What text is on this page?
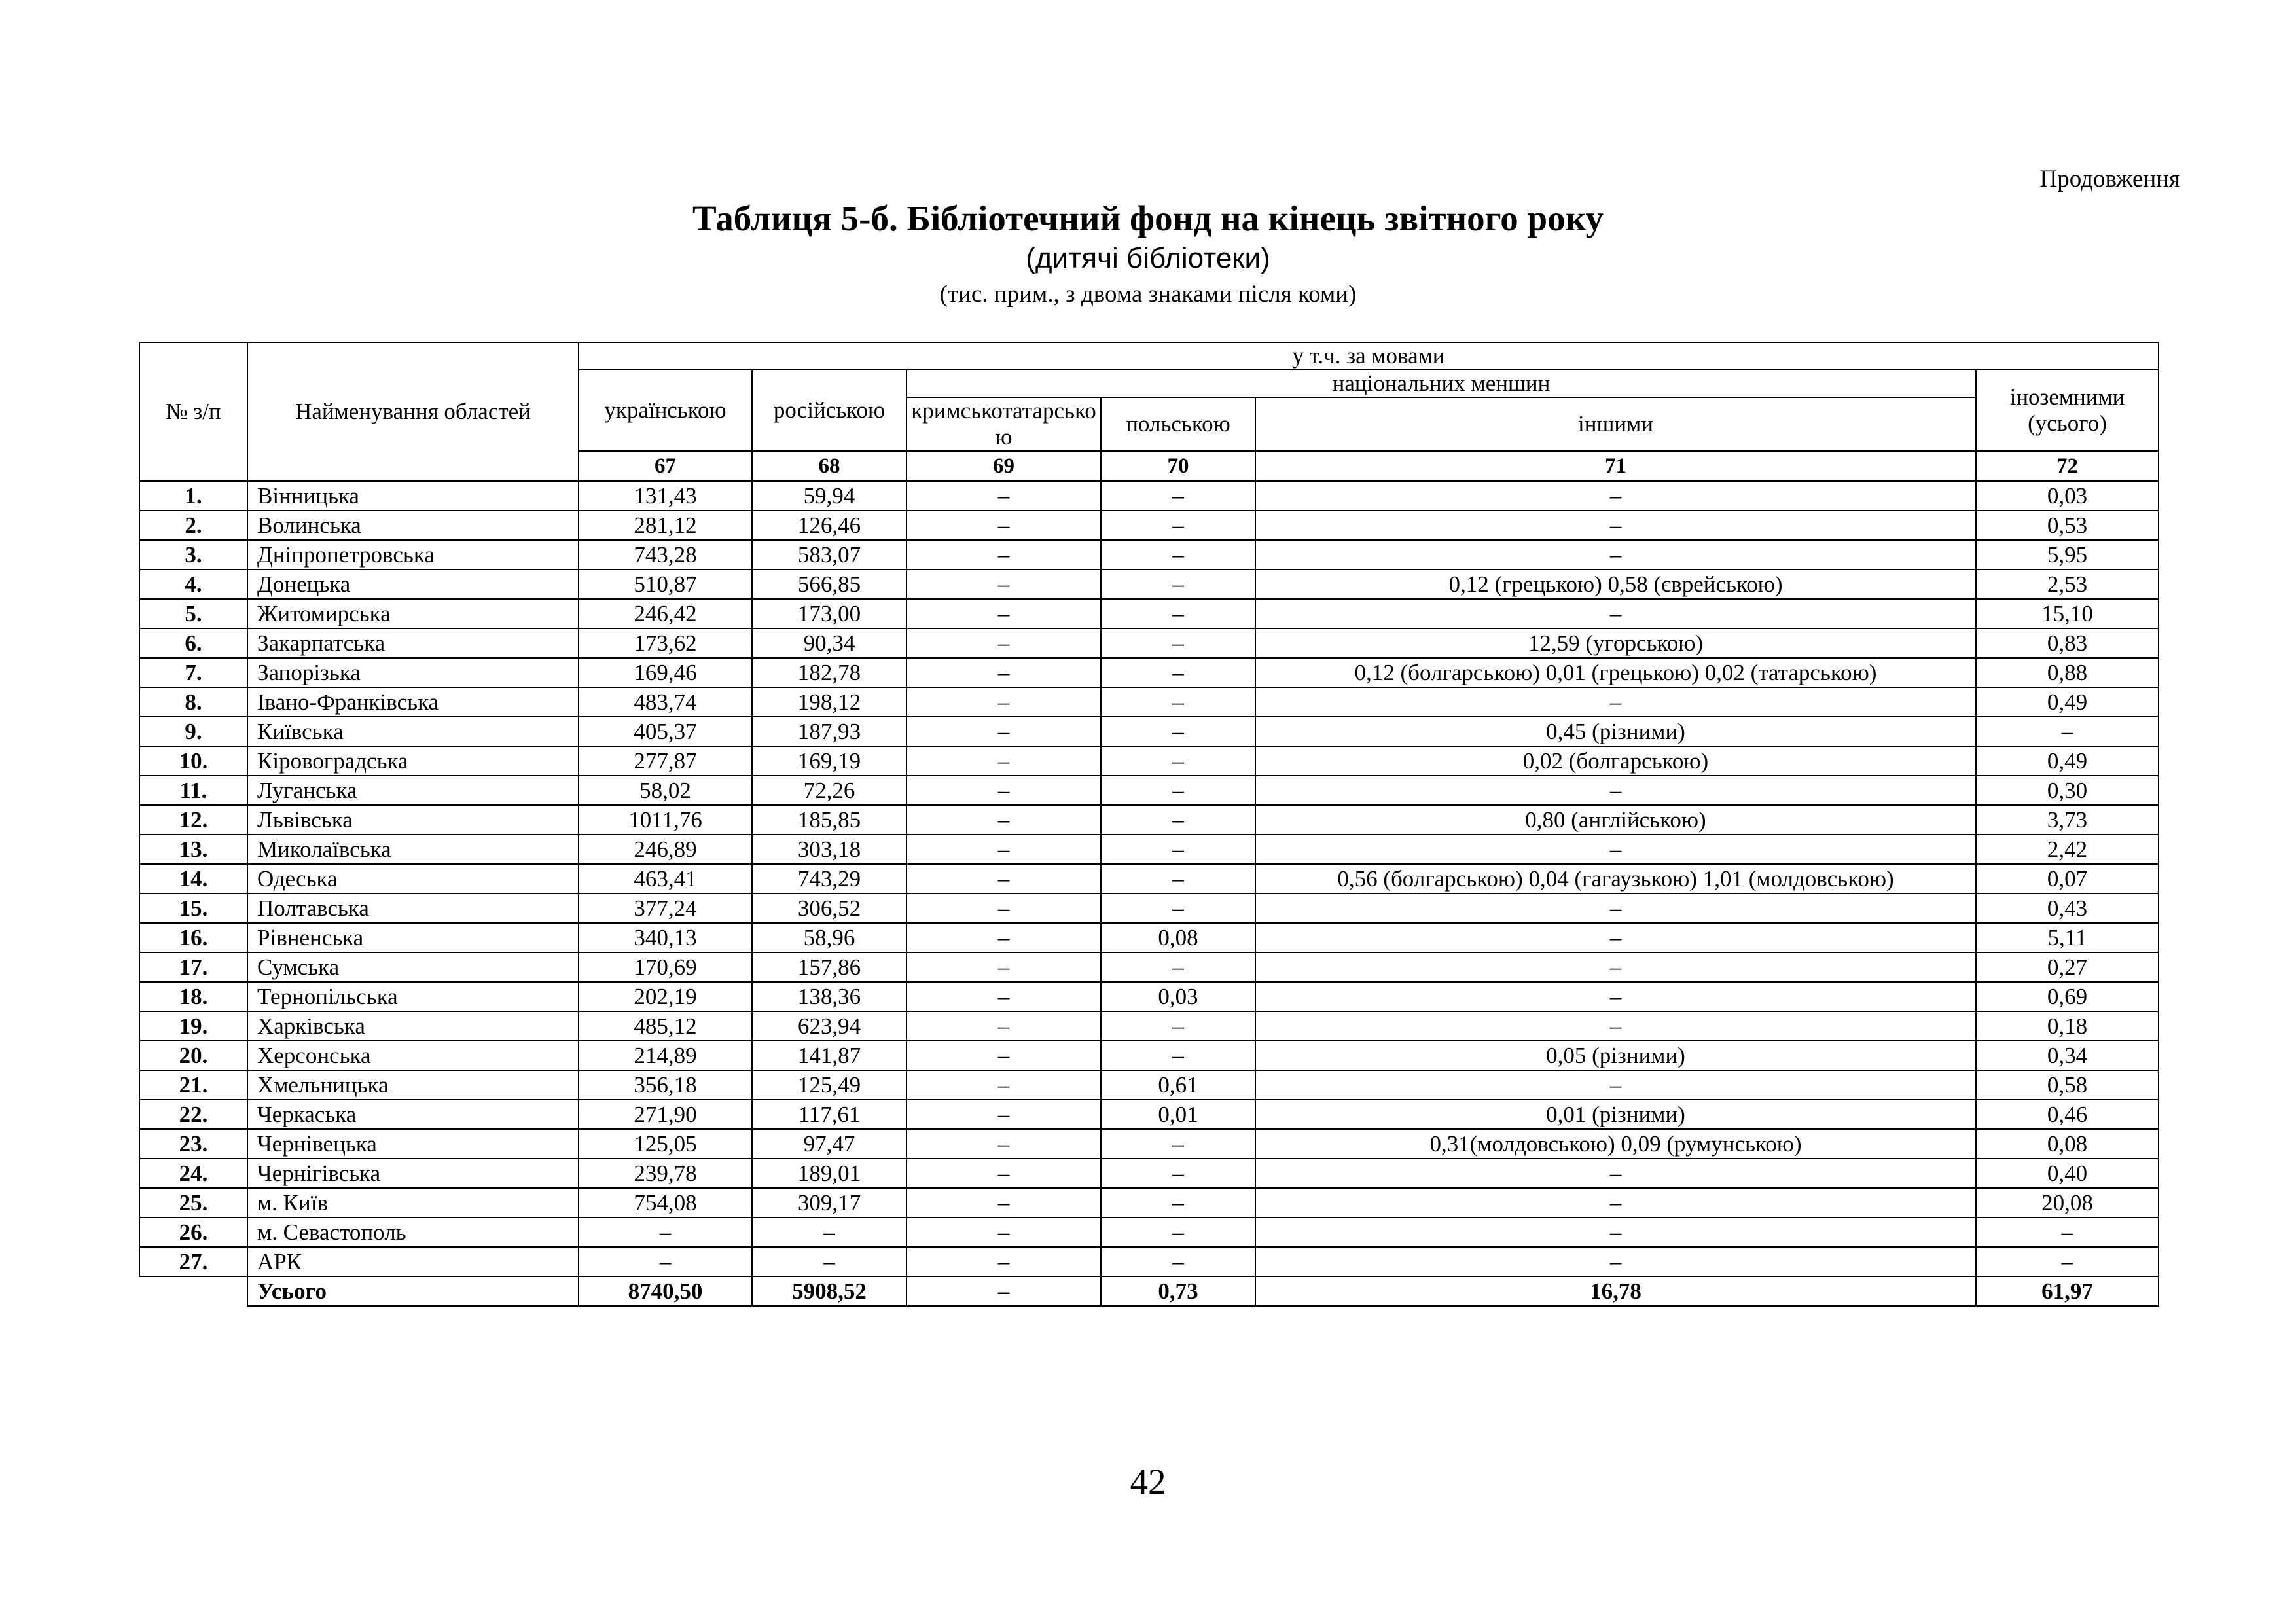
Продовження
Таблиця 5-б. Бібліотечний фонд на кінець звітного року
(дитячі бібліотеки)
(тис. прим., з двома знаками після коми)
№ з/п	Найменування областей	у т.ч. за мовами					
		українською	російською	національних меншин			іноземними (усього)
				кримськотатарською	польською	іншими	
		67	68	69	70	71	72
1.	Вінницька	131,43	59,94	–	–	–	0,03
2.	Волинська	281,12	126,46	–	–	–	0,53
3.	Дніпропетровська	743,28	583,07	–	–	–	5,95
4.	Донецька	510,87	566,85	–	–	0,12 (грецькою) 0,58 (єврейською)	2,53
5.	Житомирська	246,42	173,00	–	–	–	15,10
6.	Закарпатська	173,62	90,34	–	–	12,59 (угорською)	0,83
7.	Запорізька	169,46	182,78	–	–	0,12 (болгарською) 0,01 (грецькою) 0,02 (татарською)	0,88
8.	Івано-Франківська	483,74	198,12	–	–	–	0,49
9.	Київська	405,37	187,93	–	–	0,45 (різними)	–
10.	Кіровоградська	277,87	169,19	–	–	0,02 (болгарською)	0,49
11.	Луганська	58,02	72,26	–	–	–	0,30
12.	Львівська	1011,76	185,85	–	–	0,80 (англійською)	3,73
13.	Миколаївська	246,89	303,18	–	–	–	2,42
14.	Одеська	463,41	743,29	–	–	0,56 (болгарською) 0,04 (гагаузькою) 1,01 (молдовською)	0,07
15.	Полтавська	377,24	306,52	–	–	–	0,43
16.	Рівненська	340,13	58,96	–	0,08	–	5,11
17.	Сумська	170,69	157,86	–	–	–	0,27
18.	Тернопільська	202,19	138,36	–	0,03	–	0,69
19.	Харківська	485,12	623,94	–	–	–	0,18
20.	Херсонська	214,89	141,87	–	–	0,05 (різними)	0,34
21.	Хмельницька	356,18	125,49	–	0,61	–	0,58
22.	Черкаська	271,90	117,61	–	0,01	0,01 (різними)	0,46
23.	Чернівецька	125,05	97,47	–	–	0,31(молдовською) 0,09 (румунською)	0,08
24.	Чернігівська	239,78	189,01	–	–	–	0,40
25.	м. Київ	754,08	309,17	–	–	–	20,08
26.	м. Севастополь	–	–	–	–	–	–
27.	АРК	–	–	–	–	–	–
	Усього	8740,50	5908,52	–	0,73	16,78	61,97
42
